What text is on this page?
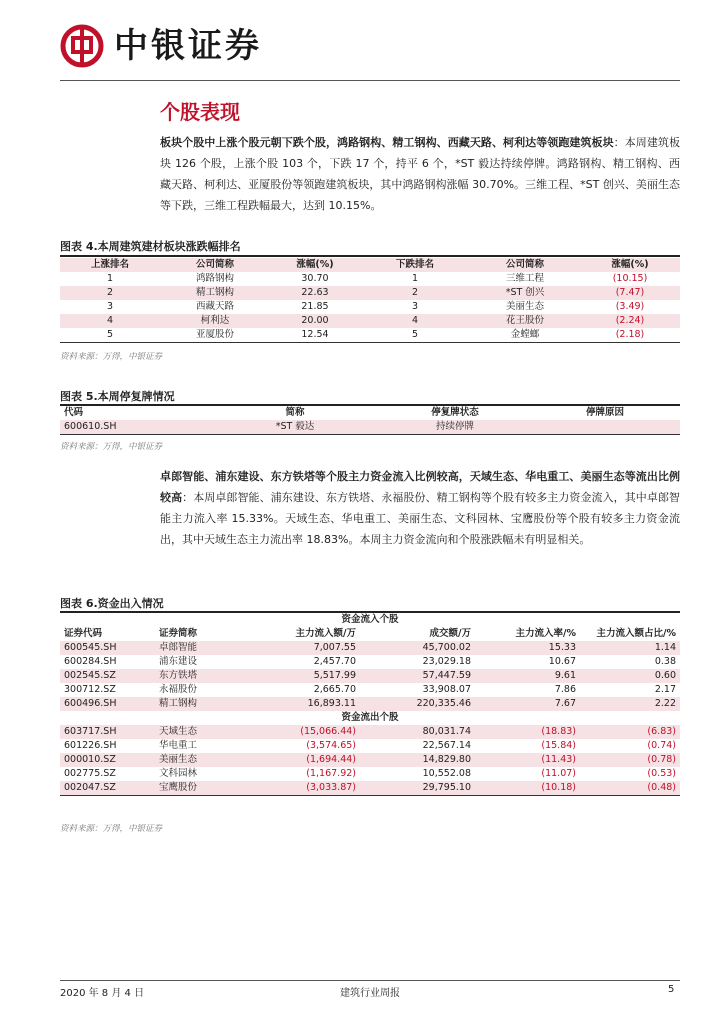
中银证券
个股表现
板块个股中上涨个股元朝下跌个股，鸿路钢构、精工钢构、西藏天路、柯利达等领跑建筑板块：本周建筑板块 126 个股，上涨个股 103 个，下跌 17 个，持平 6 个，*ST 毅达持续停牌。鸿路钢构、精工钢构、西藏天路、柯利达、亚厦股份等领跑建筑板块，其中鸿路钢构涨幅 30.70%。三维工程、*ST 创兴、美丽生态等下跌，三维工程跌幅最大，达到 10.15%。
图表 4.本周建筑建材板块涨跌幅排名
上涨排名	公司简称	涨幅(%)	下跌排名	公司简称	涨幅(%)
1	鸿路钢构	30.70	1	三维工程	(10.15)
2	精工钢构	22.63	2	*ST 创兴	(7.47)
3	西藏天路	21.85	3	美丽生态	(3.49)
4	柯利达	20.00	4	花王股份	(2.24)
5	亚厦股份	12.54	5	金螳螂	(2.18)
资料来源：万得，中银证券
图表 5.本周停复牌情况
代码	简称	停复牌状态	停牌原因
600610.SH	*ST 毅达	持续停牌	
资料来源：万得，中银证券
卓郎智能、浦东建设、东方铁塔等个股主力资金流入比例较高，天域生态、华电重工、美丽生态等流出比例较高：本周卓郎智能、浦东建设、东方铁塔、永福股份、精工钢构等个股有较多主力资金流入，其中卓郎智能主力流入率 15.33%。天域生态、华电重工、美丽生态、文科园林、宝鹰股份等个股有较多主力资金流出，其中天域生态主力流出率 18.83%。本周主力资金流向和个股涨跌幅未有明显相关。
图表 6.资金出入情况
资金流入个股					
证券代码	证券简称	主力流入额/万	成交额/万	主力流入率/%	主力流入额占比/%
600545.SH	卓郎智能	7,007.55	45,700.02	15.33	1.14
600284.SH	浦东建设	2,457.70	23,029.18	10.67	0.38
002545.SZ	东方铁塔	5,517.99	57,447.59	9.61	0.60
300712.SZ	永福股份	2,665.70	33,908.07	7.86	2.17
600496.SH	精工钢构	16,893.11	220,335.46	7.67	2.22
资金流出个股					
603717.SH	天域生态	(15,066.44)	80,031.74	(18.83)	(6.83)
601226.SH	华电重工	(3,574.65)	22,567.14	(15.84)	(0.74)
000010.SZ	美丽生态	(1,694.44)	14,829.80	(11.43)	(0.78)
002775.SZ	文科园林	(1,167.92)	10,552.08	(11.07)	(0.53)
002047.SZ	宝鹰股份	(3,033.87)	29,795.10	(10.18)	(0.48)
资料来源：万得，中银证券
2020 年 8 月 4 日	建筑行业周报	5
